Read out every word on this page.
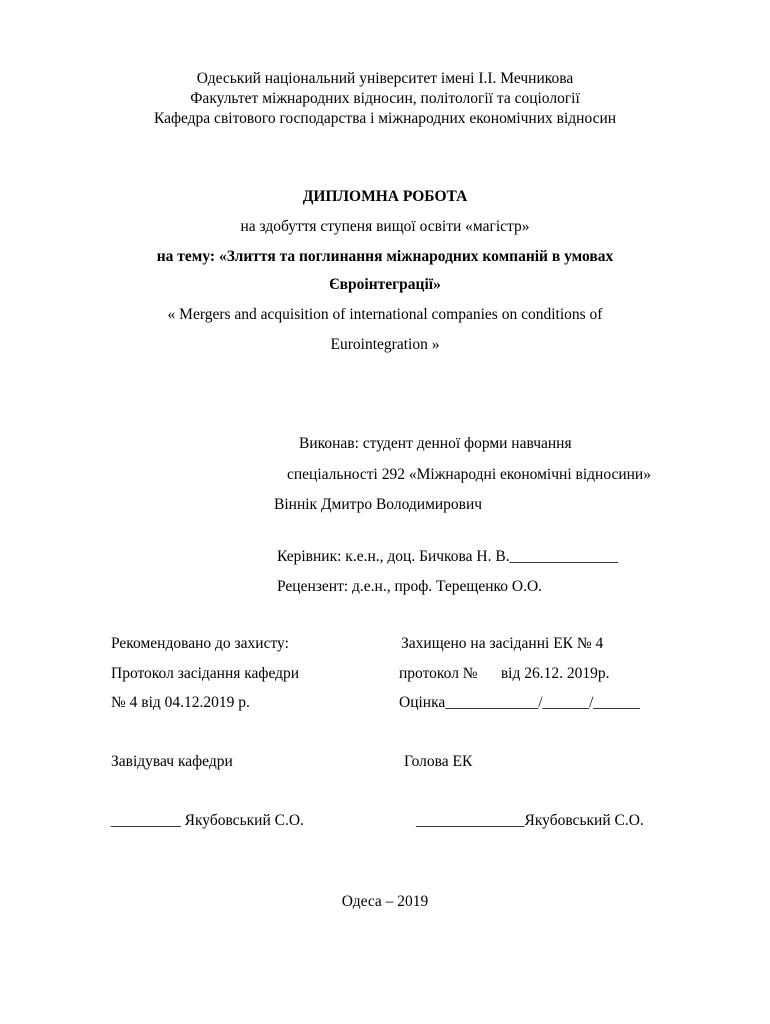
Одеський національний університет імені І.І. Мечникова
Факультет міжнародних відносин, політології та соціології
Кафедра світового господарства і міжнародних економічних відносин
ДИПЛОМНА РОБОТА
на здобуття ступеня вищої освіти «магістр»
на тему: «Злиття та поглинання міжнародних компаній в умовах
Євроінтеграції»
« Mergers and acquisition of international companies on conditions of
Eurointegration »
Виконав: студент денної форми навчання
спеціальності 292 «Міжнародні економічні відносини»
Віннік Дмитро Володимирович
Керівник: к.е.н., доц. Бичкова Н. В.______________
Рецензент: д.е.н., проф. Терещенко О.О.
Рекомендовано до захисту:
Протокол засідання кафедри
№ 4 від 04.12.2019 р.
Завідувач кафедри
_________ Якубовський С.О.
Захищено на засіданні ЕК № 4
протокол №      від 26.12. 2019р.
Оцінка____________/______/______
Голова ЕК
______________Якубовський С.О.
Одеса – 2019
